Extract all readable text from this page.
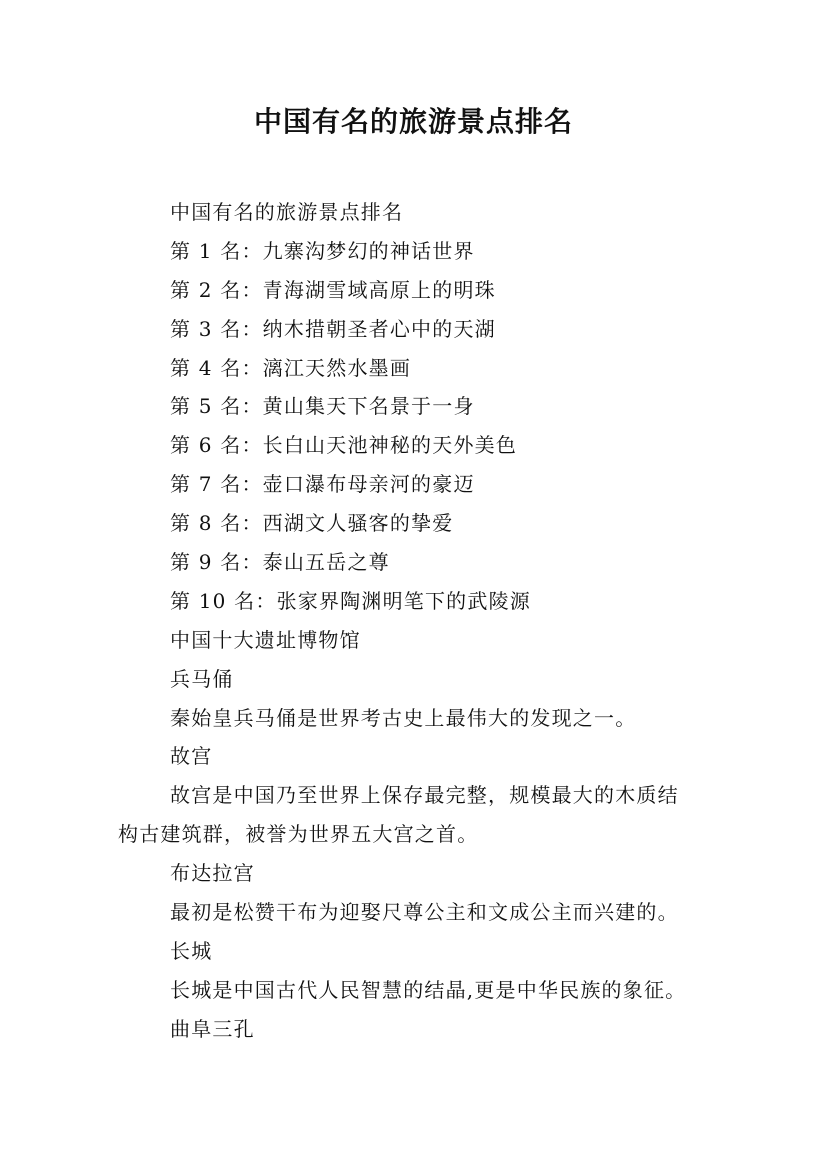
中国有名的旅游景点排名
中国有名的旅游景点排名
第 1 名：九寨沟梦幻的神话世界
第 2 名：青海湖雪域高原上的明珠
第 3 名：纳木措朝圣者心中的天湖
第 4 名：漓江天然水墨画
第 5 名：黄山集天下名景于一身
第 6 名：长白山天池神秘的天外美色
第 7 名：壶口瀑布母亲河的豪迈
第 8 名：西湖文人骚客的挚爱
第 9 名：泰山五岳之尊
第 10 名：张家界陶渊明笔下的武陵源
中国十大遗址博物馆
兵马俑
秦始皇兵马俑是世界考古史上最伟大的发现之一。
故宫
故宫是中国乃至世界上保存最完整，规模最大的木质结
构古建筑群，被誉为世界五大宫之首。
布达拉宫
最初是松赞干布为迎娶尺尊公主和文成公主而兴建的。
长城
长城是中国古代人民智慧的结晶,更是中华民族的象征。
曲阜三孔
